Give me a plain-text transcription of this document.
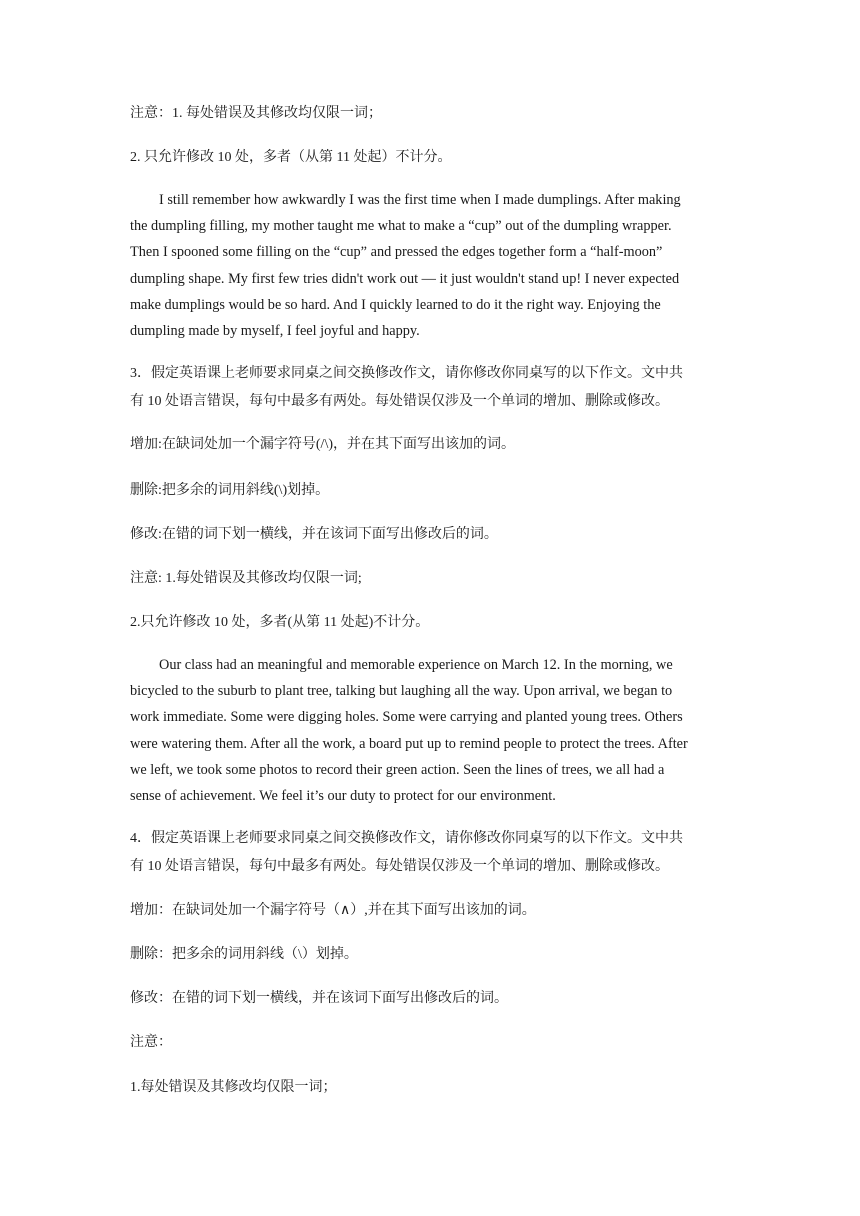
注意：1. 每处错误及其修改均仅限一词；
2. 只允许修改 10 处，多者（从第 11 处起）不计分。
I still remember how awkwardly I was the first time when I made dumplings. After making
the dumpling filling, my mother taught me what to make a “cup” out of the dumpling wrapper.
Then I spooned some filling on the “cup” and pressed the edges together form a “half-moon”
dumpling shape. My first few tries didn't work out — it just wouldn't stand up! I never expected
make dumplings would be so hard. And I quickly learned to do it the right way. Enjoying the
dumpling made by myself, I feel joyful and happy.
3．假定英语课上老师要求同桌之间交换修改作文，请你修改你同桌写的以下作文。文中共
有 10 处语言错误，每句中最多有两处。每处错误仅涉及一个单词的增加、删除或修改。
增加:在缺词处加一个漏字符号(/\)，并在其下面写出该加的词。
删除:把多余的词用斜线(\)划掉。
修改:在错的词下划一横线，并在该词下面写出修改后的词。
注意: 1.每处错误及其修改均仅限一词;
2.只允许修改 10 处，多者(从第 11 处起)不计分。
Our class had an meaningful and memorable experience on March 12. In the morning, we
bicycled to the suburb to plant tree, talking but laughing all the way. Upon arrival, we began to
work immediate. Some were digging holes. Some were carrying and planted young trees. Others
were watering them. After all the work, a board put up to remind people to protect the trees. After
we left, we took some photos to record their green action. Seen the lines of trees, we all had a
sense of achievement. We feel it’s our duty to protect for our environment.
4．假定英语课上老师要求同桌之间交换修改作文，请你修改你同桌写的以下作文。文中共
有 10 处语言错误，每句中最多有两处。每处错误仅涉及一个单词的增加、删除或修改。
增加：在缺词处加一个漏字符号（∧）,并在其下面写出该加的词。
删除：把多余的词用斜线（\）划掉。
修改：在错的词下划一横线，并在该词下面写出修改后的词。
注意：
1.每处错误及其修改均仅限一词；
